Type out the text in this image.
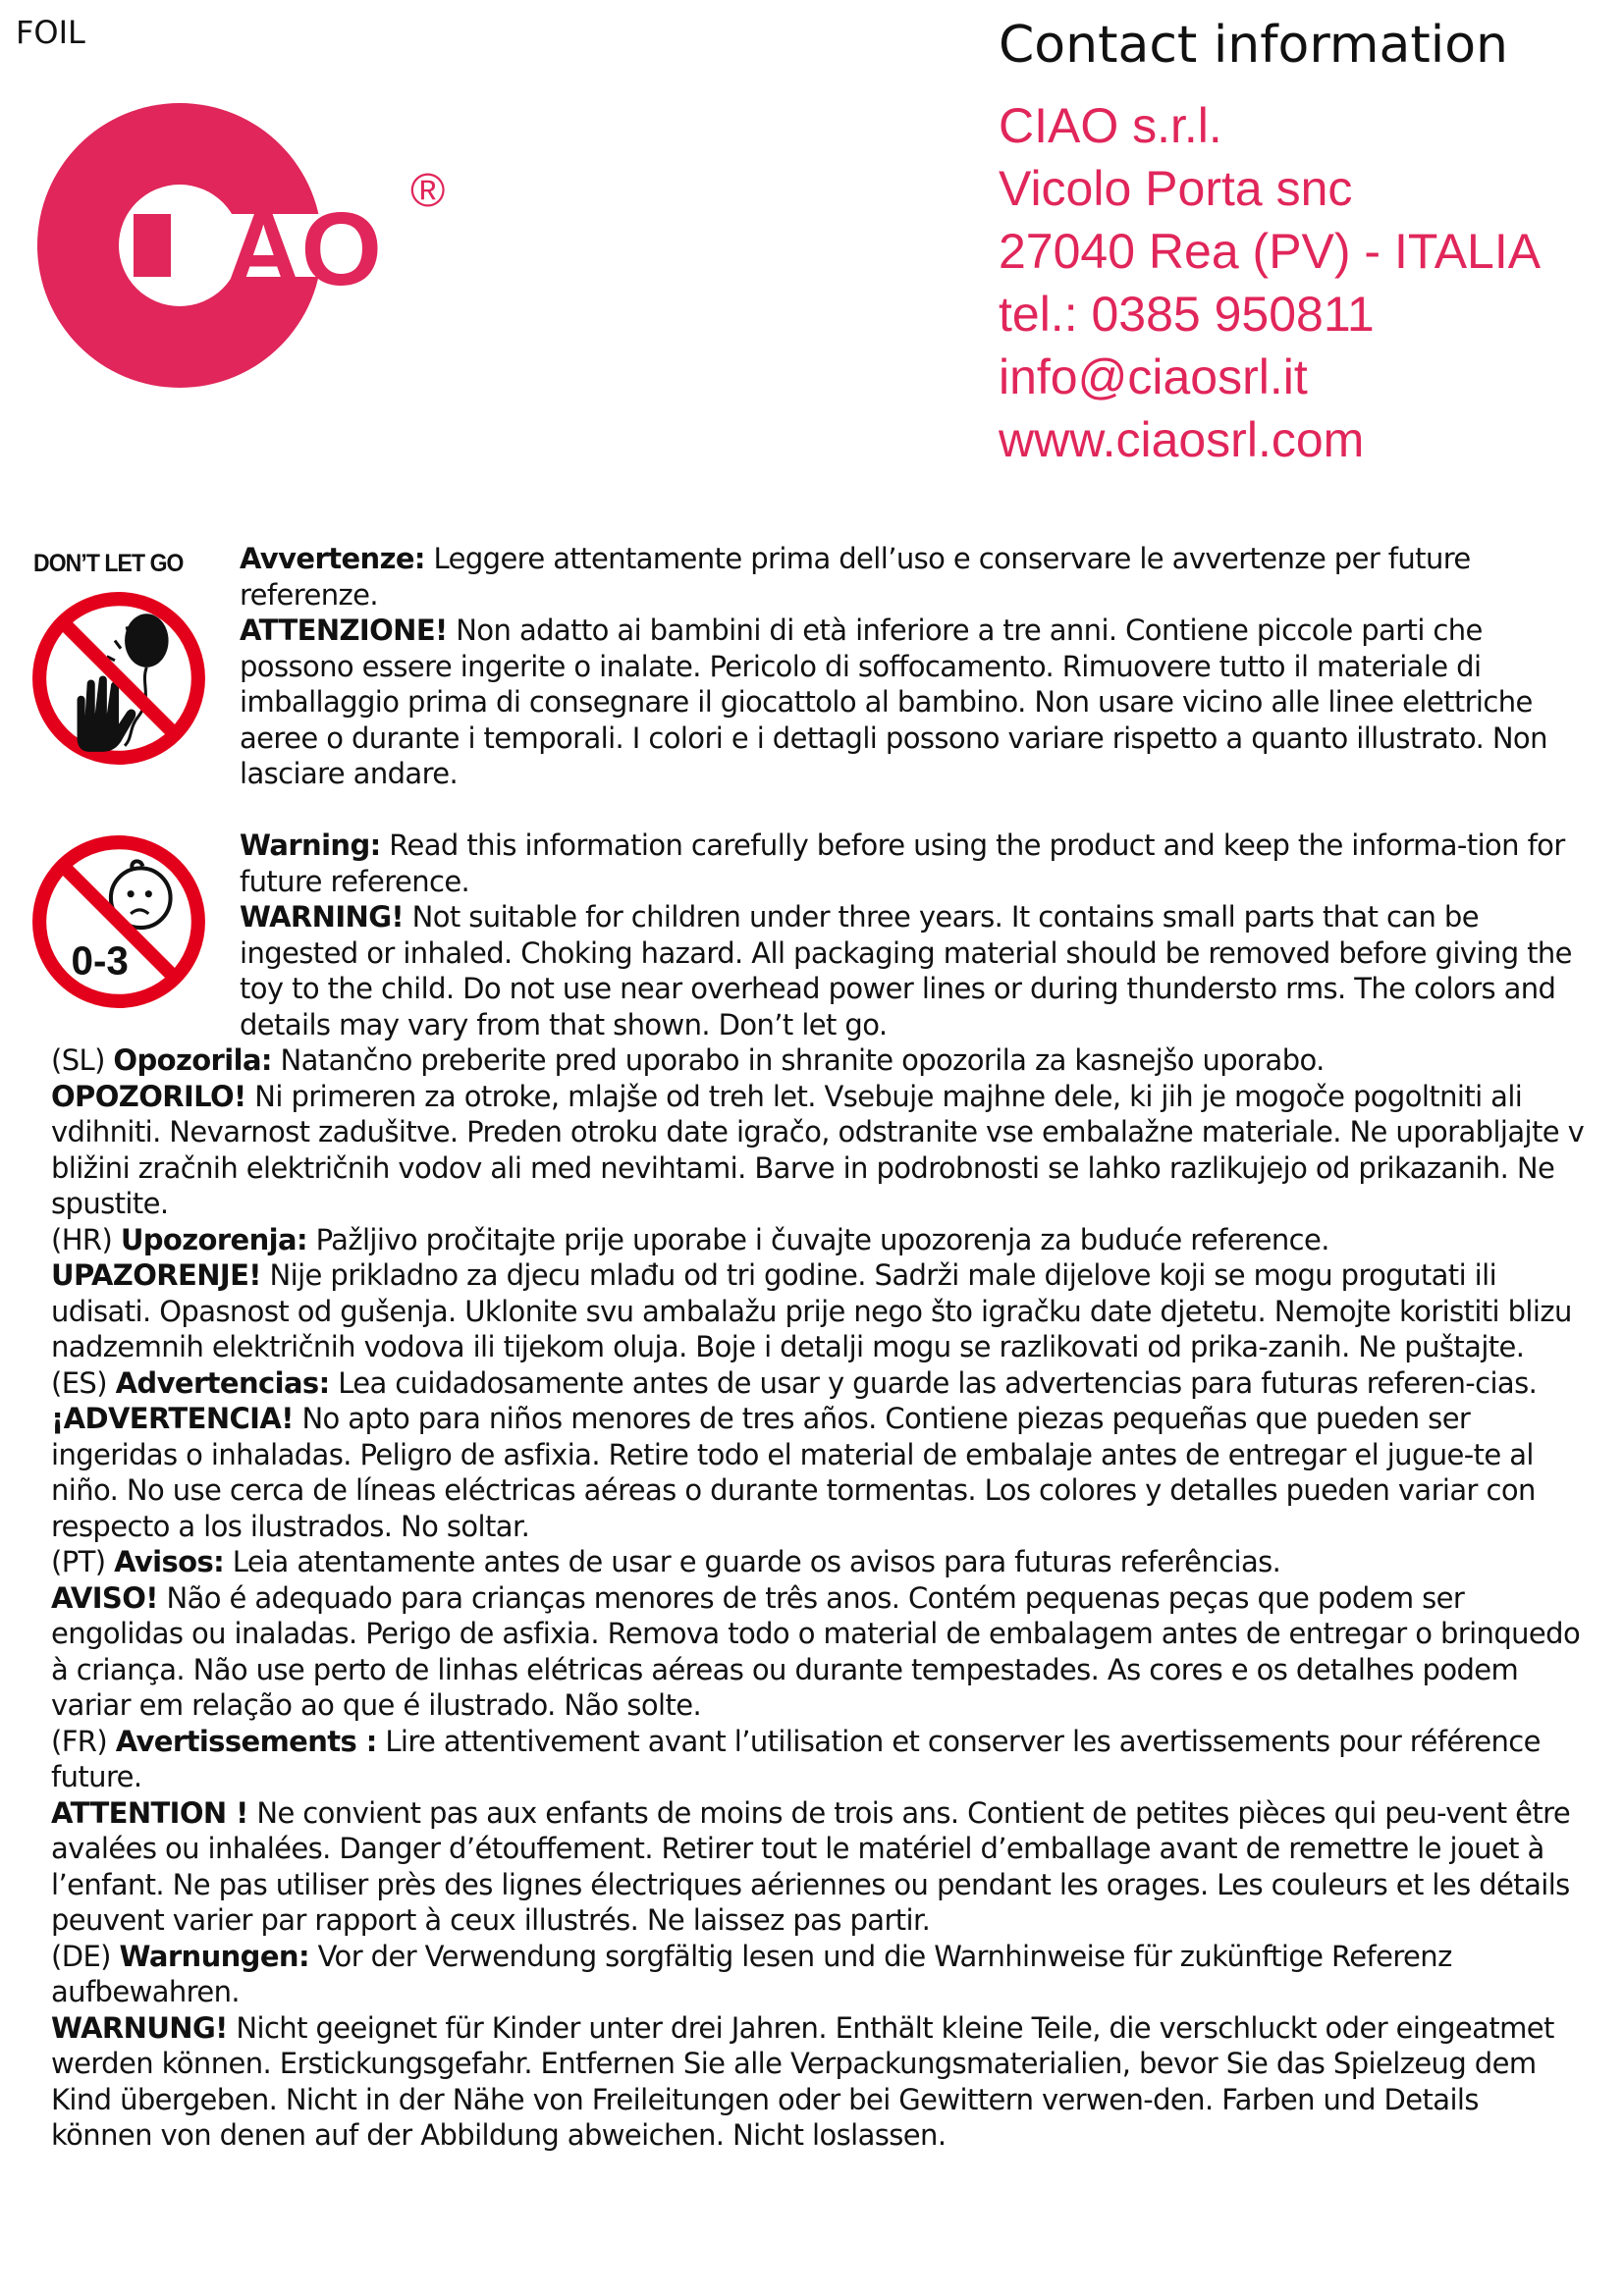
FOIL
AO
®
Contact information
CIAO s.r.l.
Vicolo Porta snc
27040 Rea (PV) - ITALIA
tel.: 0385 950811
info@ciaosrl.it
www.ciaosrl.com
DON’T LET GO
0-3

Avvertenze: Leggere attentamente prima dell’uso e conservare le avvertenze per future referenze.

ATTENZIONE! Non adatto ai bambini di età inferiore a tre anni. Contiene piccole parti che possono essere ingerite o inalate. Pericolo di soffocamento. Rimuovere tutto il materiale di imballaggio prima di consegnare il giocattolo al bambino. Non usare vicino alle linee elettriche aeree o durante i temporali. I colori e i dettagli possono variare rispetto a quanto illustrato. Non lasciare andare.

Warning: Read this information carefully before using the product and keep the informa-tion for future reference.

WARNING! Not suitable for children under three years. It contains small parts that can be ingested or inhaled. Choking hazard. All packaging material should be removed before giving the toy to the child. Do not use near overhead power lines or during thundersto rms. The colors and details may vary from that shown. Don’t let go.

(SL) Opozorila: Natančno preberite pred uporabo in shranite opozorila za kasnejšo uporabo.

OPOZORILO! Ni primeren za otroke, mlajše od treh let. Vsebuje majhne dele, ki jih je mogoče pogoltniti ali vdihniti. Nevarnost zadušitve. Preden otroku date igračo, odstranite vse embalažne materiale. Ne uporabljajte v bližini zračnih električnih vodov ali med nevihtami. Barve in podrobnosti se lahko razlikujejo od prikazanih. Ne spustite.

(HR) Upozorenja: Pažljivo pročitajte prije uporabe i čuvajte upozorenja za buduće reference.

UPAZORENJE! Nije prikladno za djecu mlađu od tri godine. Sadrži male dijelove koji se mogu progutati ili udisati. Opasnost od gušenja. Uklonite svu ambalažu prije nego što igračku date djetetu. Nemojte koristiti blizu nadzemnih električnih vodova ili tijekom oluja. Boje i detalji mogu se razlikovati od prika-zanih. Ne puštajte.

(ES) Advertencias: Lea cuidadosamente antes de usar y guarde las advertencias para futuras referen-cias.

¡ADVERTENCIA! No apto para niños menores de tres años. Contiene piezas pequeñas que pueden ser ingeridas o inhaladas. Peligro de asfixia. Retire todo el material de embalaje antes de entregar el jugue-te al niño. No use cerca de líneas eléctricas aéreas o durante tormentas. Los colores y detalles pueden variar con respecto a los ilustrados. No soltar.

(PT) Avisos: Leia atentamente antes de usar e guarde os avisos para futuras referências.

AVISO! Não é adequado para crianças menores de três anos. Contém pequenas peças que podem ser engolidas ou inaladas. Perigo de asfixia. Remova todo o material de embalagem antes de entregar o brinquedo à criança. Não use perto de linhas elétricas aéreas ou durante tempestades. As cores e os detalhes podem variar em relação ao que é ilustrado. Não solte.

(FR) Avertissements : Lire attentivement avant l’utilisation et conserver les avertissements pour référence future.

ATTENTION ! Ne convient pas aux enfants de moins de trois ans. Contient de petites pièces qui peu-vent être avalées ou inhalées. Danger d’étouffement. Retirer tout le matériel d’emballage avant de remettre le jouet à l’enfant. Ne pas utiliser près des lignes électriques aériennes ou pendant les orages. Les couleurs et les détails peuvent varier par rapport à ceux illustrés. Ne laissez pas partir.

(DE) Warnungen: Vor der Verwendung sorgfältig lesen und die Warnhinweise für zukünftige Referenz aufbewahren.

WARNUNG! Nicht geeignet für Kinder unter drei Jahren. Enthält kleine Teile, die verschluckt oder eingeatmet werden können. Erstickungsgefahr. Entfernen Sie alle Verpackungsmaterialien, bevor Sie das Spielzeug dem Kind übergeben. Nicht in der Nähe von Freileitungen oder bei Gewittern verwen-den. Farben und Details können von denen auf der Abbildung abweichen. Nicht loslassen.
